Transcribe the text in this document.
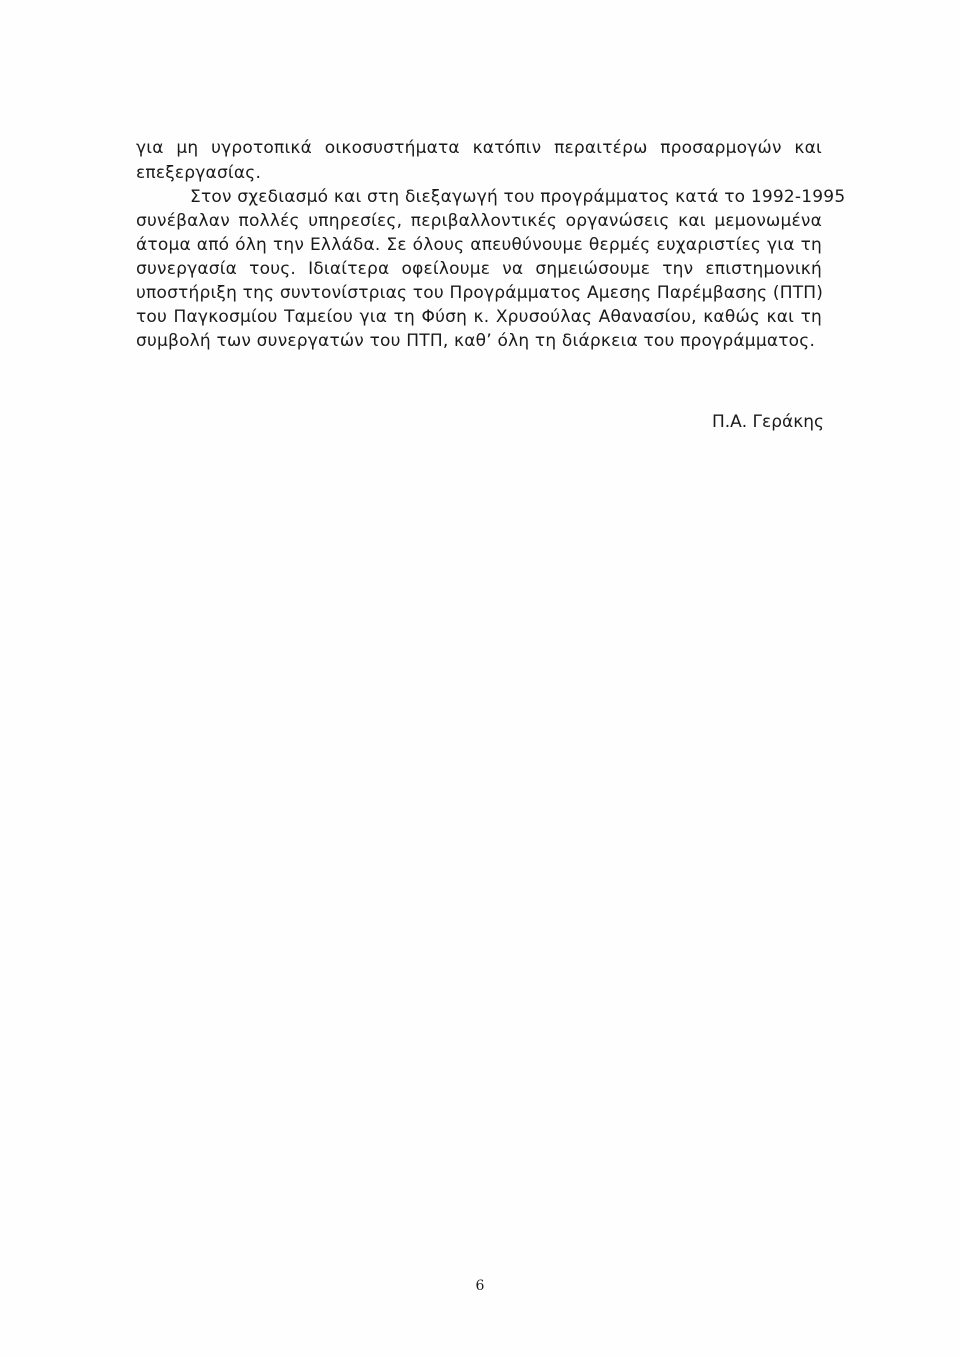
για μη υγροτοπικά οικοσυστήματα κατόπιν περαιτέρω προσαρμογών και
επεξεργασίας.
Στον σχεδιασμό και στη διεξαγωγή του προγράμματος κατά το 1992-1995
συνέβαλαν πολλές υπηρεσίες, περιβαλλοντικές οργανώσεις και μεμονωμένα
άτομα από όλη την Ελλάδα. Σε όλους απευθύνουμε θερμές ευχαριστίες για τη
συνεργασία τους. Ιδιαίτερα οφείλουμε να σημειώσουμε την επιστημονική
υποστήριξη της συντονίστριας του Προγράμματος Αμεσης Παρέμβασης (ΠΤΠ)
του Παγκοσμίου Ταμείου για τη Φύση κ. Χρυσούλας Αθανασίου, καθώς και τη
συμβολή των συνεργατών του ΠΤΠ, καθ’ όλη τη διάρκεια του προγράμματος.
Π.Α. Γεράκης
6
